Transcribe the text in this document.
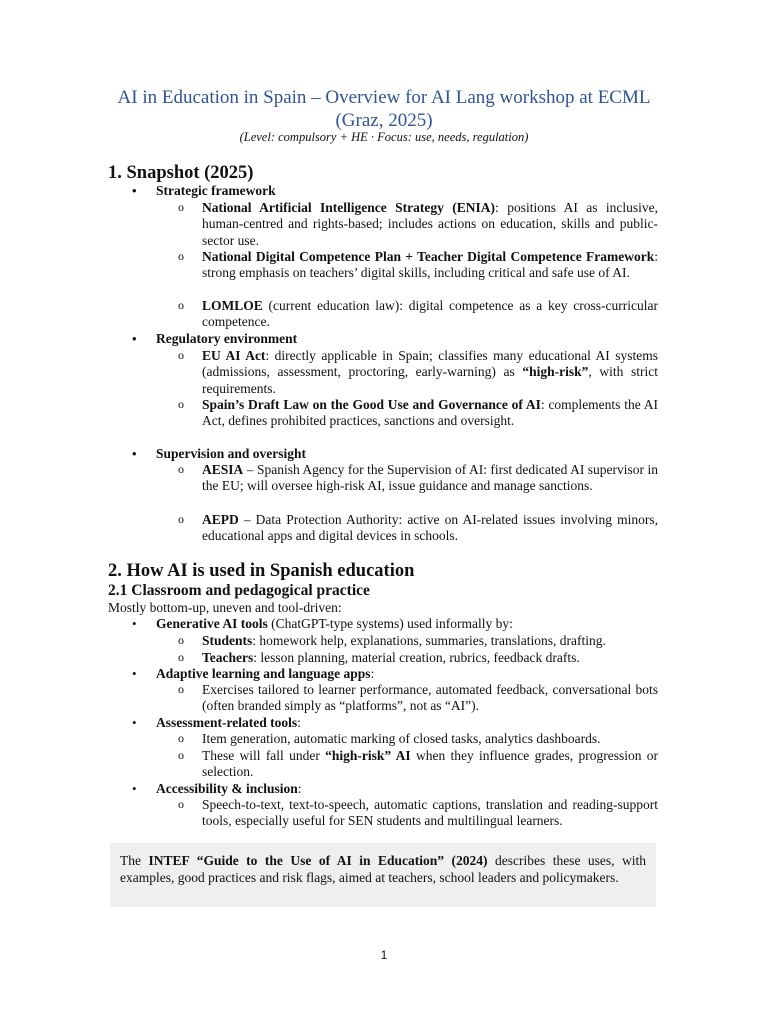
AI in Education in Spain – Overview for AI Lang workshop at ECML (Graz, 2025)
(Level: compulsory + HE · Focus: use, needs, regulation)
1. Snapshot (2025)
• Strategic framework
o National Artificial Intelligence Strategy (ENIA): positions AI as inclusive, human-centred and rights-based; includes actions on education, skills and public-sector use.
o National Digital Competence Plan + Teacher Digital Competence Framework: strong emphasis on teachers’ digital skills, including critical and safe use of AI.
o LOMLOE (current education law): digital competence as a key cross-curricular competence.
• Regulatory environment
o EU AI Act: directly applicable in Spain; classifies many educational AI systems (admissions, assessment, proctoring, early-warning) as “high-risk”, with strict requirements.
o Spain’s Draft Law on the Good Use and Governance of AI: complements the AI Act, defines prohibited practices, sanctions and oversight.
• Supervision and oversight
o AESIA – Spanish Agency for the Supervision of AI: first dedicated AI supervisor in the EU; will oversee high-risk AI, issue guidance and manage sanctions.
o AEPD – Data Protection Authority: active on AI-related issues involving minors, educational apps and digital devices in schools.
2. How AI is used in Spanish education
2.1 Classroom and pedagogical practice
Mostly bottom-up, uneven and tool-driven:
• Generative AI tools (ChatGPT-type systems) used informally by:
o Students: homework help, explanations, summaries, translations, drafting.
o Teachers: lesson planning, material creation, rubrics, feedback drafts.
• Adaptive learning and language apps:
o Exercises tailored to learner performance, automated feedback, conversational bots (often branded simply as “platforms”, not as “AI”).
• Assessment-related tools:
o Item generation, automatic marking of closed tasks, analytics dashboards.
o These will fall under “high-risk” AI when they influence grades, progression or selection.
• Accessibility & inclusion:
o Speech-to-text, text-to-speech, automatic captions, translation and reading-support tools, especially useful for SEN students and multilingual learners.
The INTEF “Guide to the Use of AI in Education” (2024) describes these uses, with examples, good practices and risk flags, aimed at teachers, school leaders and policymakers.
1
